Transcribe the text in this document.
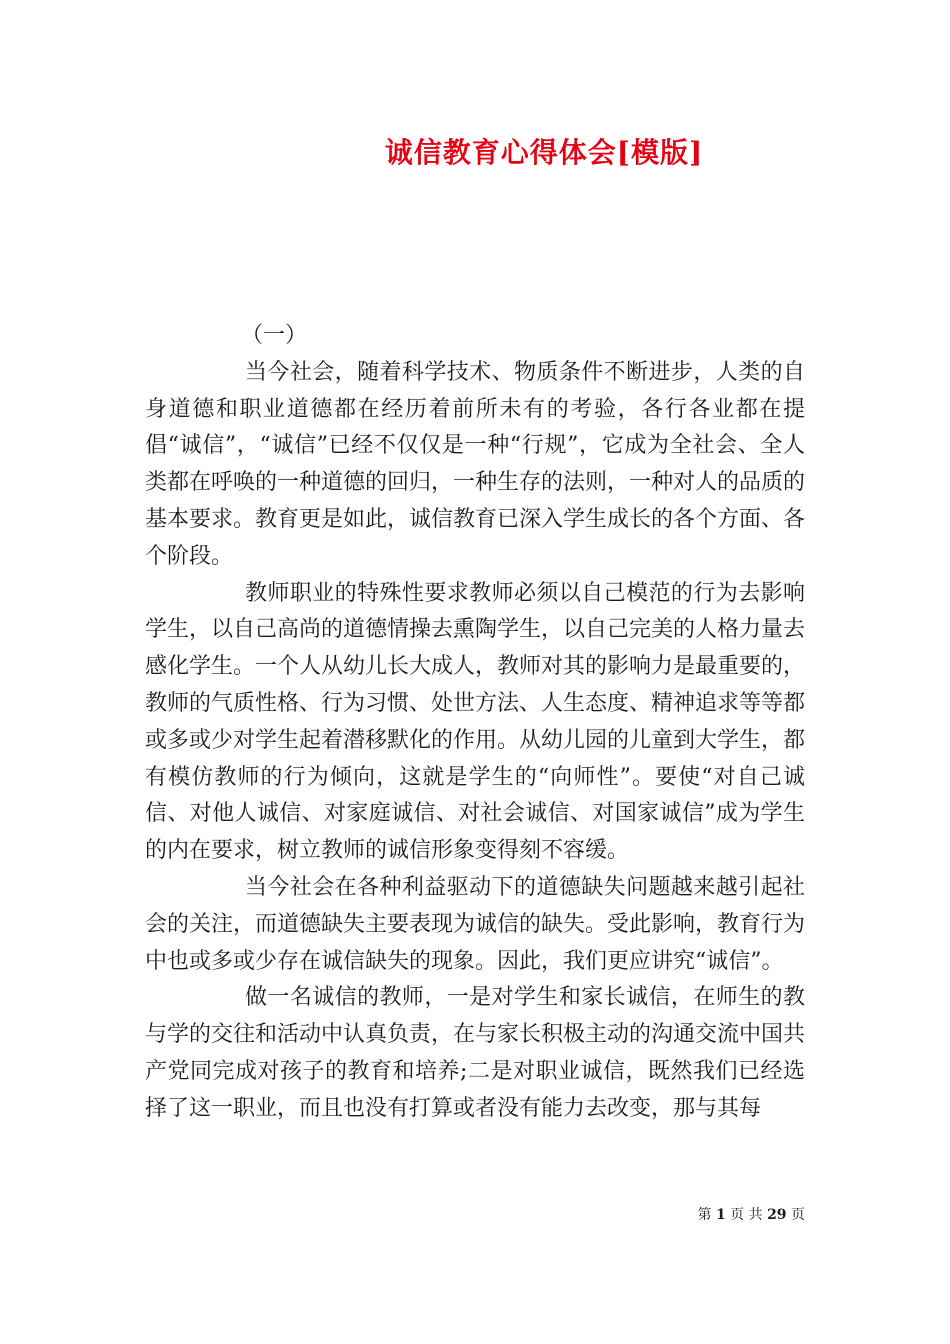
诚信教育心得体会[模版]

（一）

当今社会，随着科学技术、物质条件不断进步，人类的自身道德和职业道德都在经历着前所未有的考验，各行各业都在提倡“诚信”，“诚信”已经不仅仅是一种“行规”，它成为全社会、全人类都在呼唤的一种道德的回归，一种生存的法则，一种对人的品质的基本要求。教育更是如此，诚信教育已深入学生成长的各个方面、各个阶段。

教师职业的特殊性要求教师必须以自己模范的行为去影响学生，以自己高尚的道德情操去熏陶学生，以自己完美的人格力量去感化学生。一个人从幼儿长大成人，教师对其的影响力是最重要的，教师的气质性格、行为习惯、处世方法、人生态度、精神追求等等都或多或少对学生起着潜移默化的作用。从幼儿园的儿童到大学生，都有模仿教师的行为倾向，这就是学生的“向师性”。要使“对自己诚信、对他人诚信、对家庭诚信、对社会诚信、对国家诚信”成为学生的内在要求，树立教师的诚信形象变得刻不容缓。

当今社会在各种利益驱动下的道德缺失问题越来越引起社会的关注，而道德缺失主要表现为诚信的缺失。受此影响，教育行为中也或多或少存在诚信缺失的现象。因此，我们更应讲究“诚信”。

做一名诚信的教师，一是对学生和家长诚信，在师生的教与学的交往和活动中认真负责，在与家长积极主动的沟通交流中国共产党同完成对孩子的教育和培养;二是对职业诚信，既然我们已经选择了这一职业，而且也没有打算或者没有能力去改变，那与其每

第 1 页 共 29 页
